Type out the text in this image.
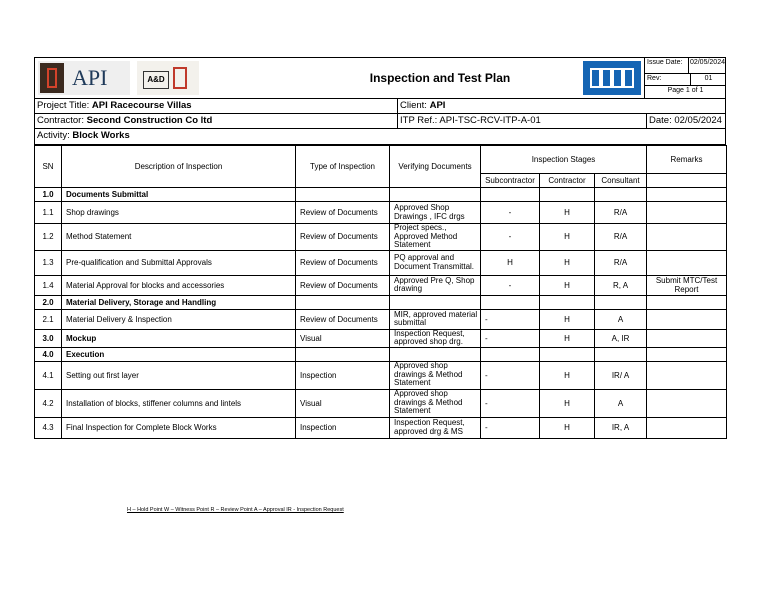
API	A&D	Inspection and Test Plan
Issue Date:	02/05/2024
Rev:	01
Page 1 of 1
Project Title: API Racecourse Villas	Client: API
Contractor: Second Construction Co ltd	ITP Ref.: API-TSC-RCV-ITP-A-01	Date: 02/05/2024
Activity: Block Works
SN	Description of Inspection	Type of Inspection	Verifying Documents	Inspection Stages			Remarks
				Subcontractor	Contractor	Consultant	
1.0	Documents Submittal						
1.1	Shop drawings	Review of Documents	Approved Shop Drawings , IFC drgs	-	H	R/A	
1.2	Method Statement	Review of Documents	Project specs., Approved Method Statement	-	H	R/A	
1.3	Pre-qualification and Submittal Approvals	Review of Documents	PQ approval and Document Transmittal.	H	H	R/A	
1.4	Material Approval for blocks and accessories	Review of Documents	Approved Pre Q, Shop drawing	-	H	R, A	Submit MTC/Test Report
2.0	Material Delivery, Storage and Handling						
2.1	Material Delivery & Inspection	Review of Documents	MIR, approved material submittal	-	H	A	
3.0	Mockup	Visual	Inspection Request, approved shop drg.	-	H	A, IR	
4.0	Execution						
4.1	Setting out first layer	Inspection	Approved shop drawings & Method Statement	-	H	IR/ A	
4.2	Installation of blocks, stiffener columns and lintels	Visual	Approved shop drawings & Method Statement	-	H	A	
4.3	Final Inspection for Complete Block Works	Inspection	Inspection Request, approved drg & MS	-	H	IR, A	
H – Hold Point W – Witness Point R – Review Point A – Approval IR - Inspection Request
